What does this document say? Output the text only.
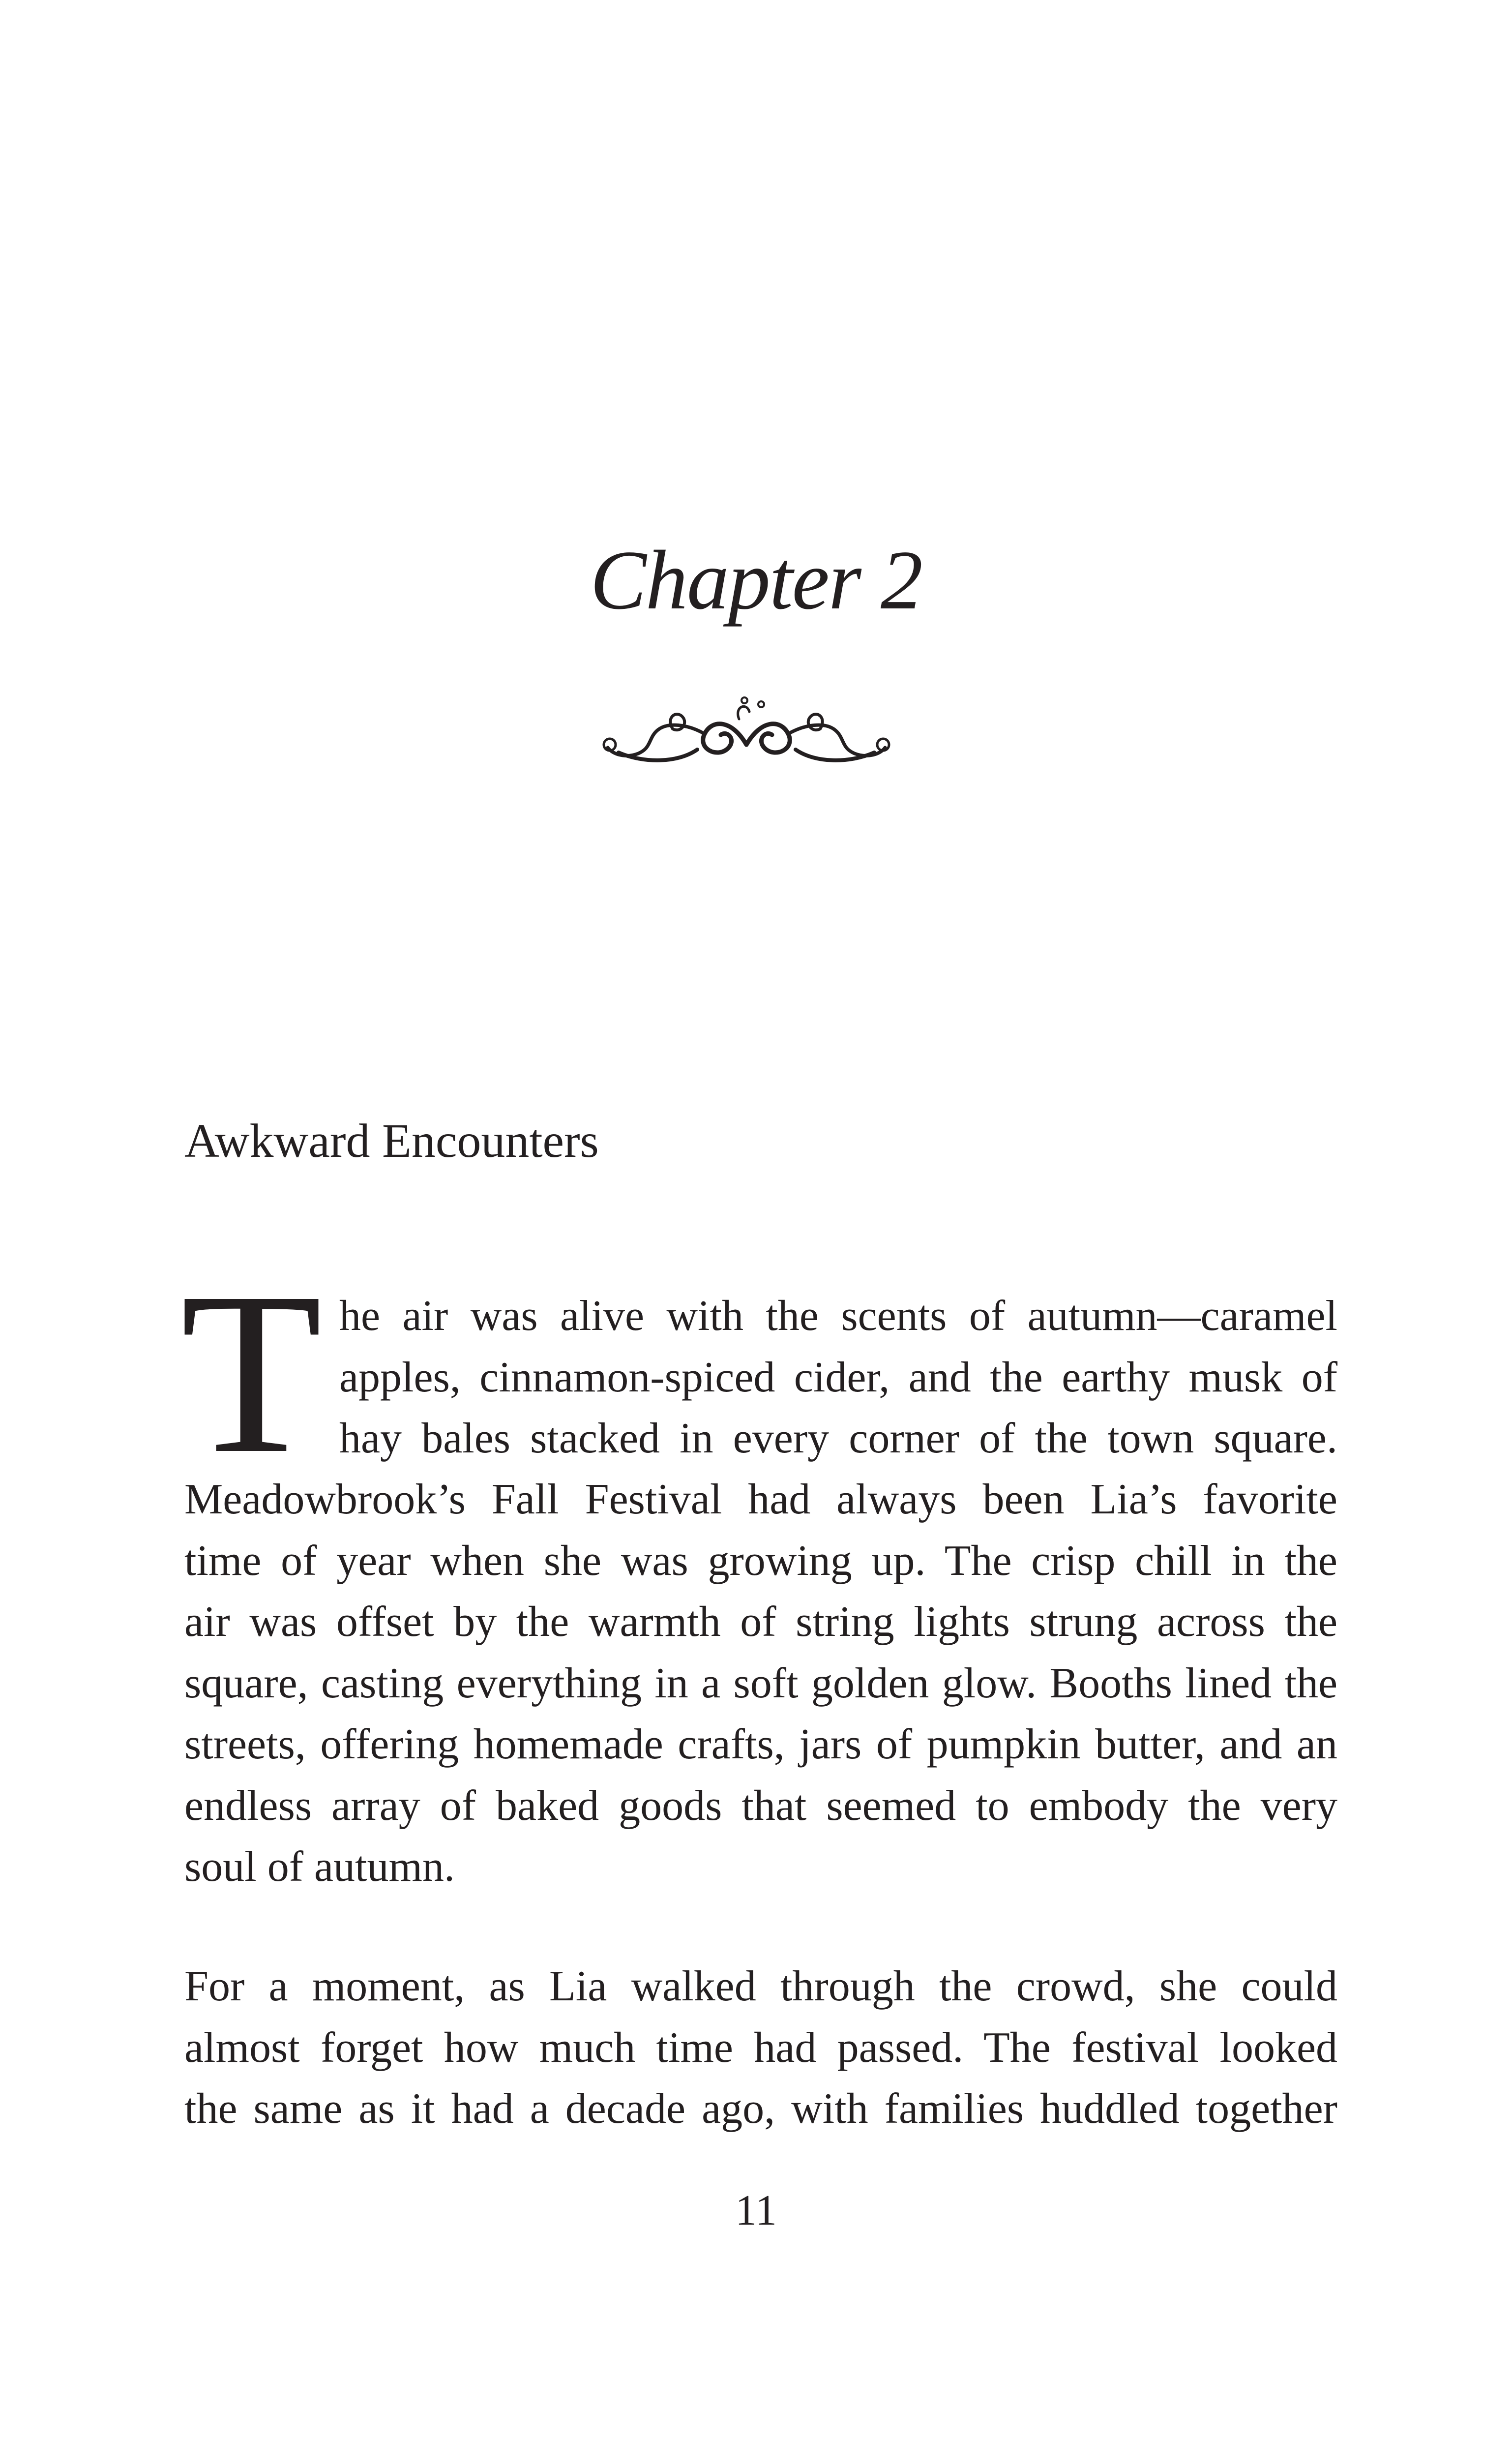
Chapter 2
Awkward Encounters
T he air was alive with the scents of autumn—caramel
apples, cinnamon-spiced cider, and the earthy musk of
hay bales stacked in every corner of the town square.
Meadowbrook’s Fall Festival had always been Lia’s favorite
time of year when she was growing up. The crisp chill in the
air was offset by the warmth of string lights strung across the
square, casting everything in a soft golden glow. Booths lined the
streets, offering homemade crafts, jars of pumpkin butter, and an
endless array of baked goods that seemed to embody the very
soul of autumn.
For a moment, as Lia walked through the crowd, she could
almost forget how much time had passed. The festival looked
the same as it had a decade ago, with families huddled together
11
